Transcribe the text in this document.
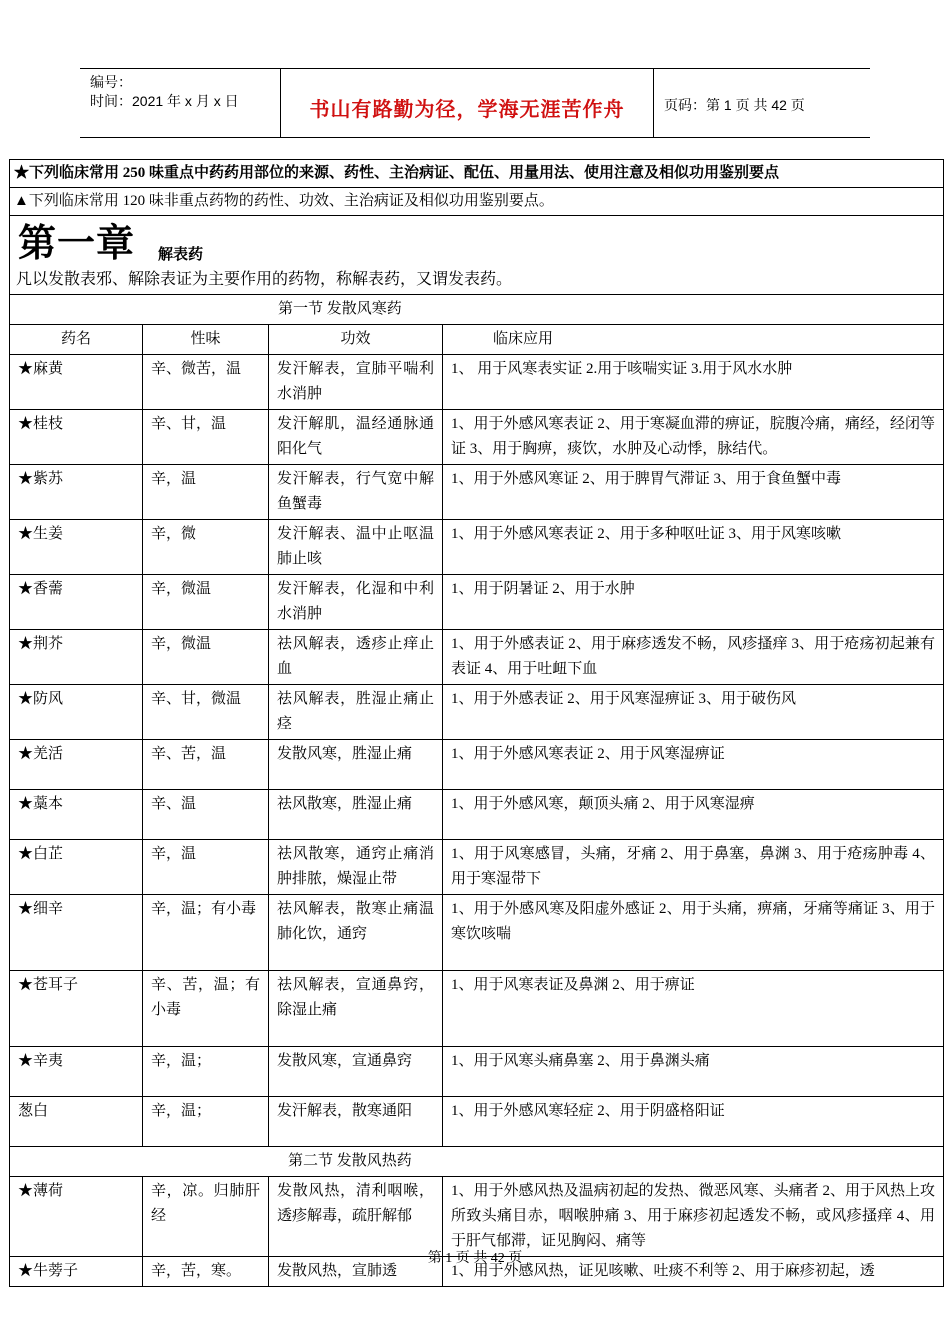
编号：
时间：2021 年 x 月 x 日	书山有路勤为径，学海无涯苦作舟	页码：第 1 页 共 42 页
★下列临床常用 250 味重点中药药用部位的来源、药性、主治病证、配伍、用量用法、使用注意及相似功用鉴别要点			
▲下列临床常用 120 味非重点药物的药性、功效、主治病证及相似功用鉴别要点。			

第一章 解表药
凡以发散表邪、解除表证为主要作用的药物，称解表药，又谓发表药。			

第一节 发散风寒药			
药名	性味	功效	临床应用
★麻黄	辛、微苦，温	发汗解表，宣肺平喘利水消肿	1、 用于风寒表实证 2.用于咳喘实证 3.用于风水水肿
★桂枝	辛、甘，温	发汗解肌，温经通脉通阳化气	1、用于外感风寒表证 2、用于寒凝血滞的痹证，脘腹冷痛，痛经，经闭等证 3、用于胸痹，痰饮，水肿及心动悸，脉结代。
★紫苏	辛，温	发汗解表，行气宽中解鱼蟹毒	1、用于外感风寒证 2、用于脾胃气滞证 3、用于食鱼蟹中毒
★生姜	辛，微	发汗解表、温中止呕温肺止咳	1、用于外感风寒表证 2、用于多种呕吐证 3、用于风寒咳嗽
★香薷	辛，微温	发汗解表，化湿和中利水消肿	1、用于阴暑证 2、用于水肿
★荆芥	辛，微温	祛风解表，透疹止痒止血	1、用于外感表证 2、用于麻疹透发不畅，风疹搔痒 3、用于疮疡初起兼有表证 4、用于吐衄下血
★防风	辛、甘，微温	祛风解表，胜湿止痛止痉	1、用于外感表证 2、用于风寒湿痹证 3、用于破伤风
★羌活	辛、苦，温	发散风寒，胜湿止痛	1、用于外感风寒表证 2、用于风寒湿痹证
★藁本	辛、温	祛风散寒，胜湿止痛	1、用于外感风寒，颠顶头痛 2、用于风寒湿痹
★白芷	辛，温	祛风散寒，通窍止痛消肿排脓，燥湿止带	1、用于风寒感冒，头痛，牙痛 2、用于鼻塞，鼻渊 3、用于疮疡肿毒 4、用于寒湿带下
★细辛	辛，温；有小毒	祛风解表，散寒止痛温肺化饮，通窍	1、用于外感风寒及阳虚外感证 2、用于头痛，痹痛，牙痛等痛证 3、用于寒饮咳喘
★苍耳子	辛、苦，温；有小毒	祛风解表，宣通鼻窍，除湿止痛	1、用于风寒表证及鼻渊 2、用于痹证
★辛夷	辛，温；	发散风寒，宣通鼻窍	1、用于风寒头痛鼻塞 2、用于鼻渊头痛
葱白	辛，温；	发汗解表，散寒通阳	1、用于外感风寒轻症 2、用于阴盛格阳证
第二节 发散风热药			
★薄荷	辛，凉。归肺肝经	发散风热，清利咽喉，透疹解毒，疏肝解郁	1、用于外感风热及温病初起的发热、微恶风寒、头痛者 2、用于风热上攻所致头痛目赤，咽喉肿痛 3、用于麻疹初起透发不畅，或风疹搔痒 4、用于肝气郁滞，证见胸闷、痛等
★牛蒡子	辛，苦，寒。	发散风热，宣肺透	1、用于外感风热，证见咳嗽、吐痰不利等 2、用于麻疹初起，透
第 1 页 共 42 页
